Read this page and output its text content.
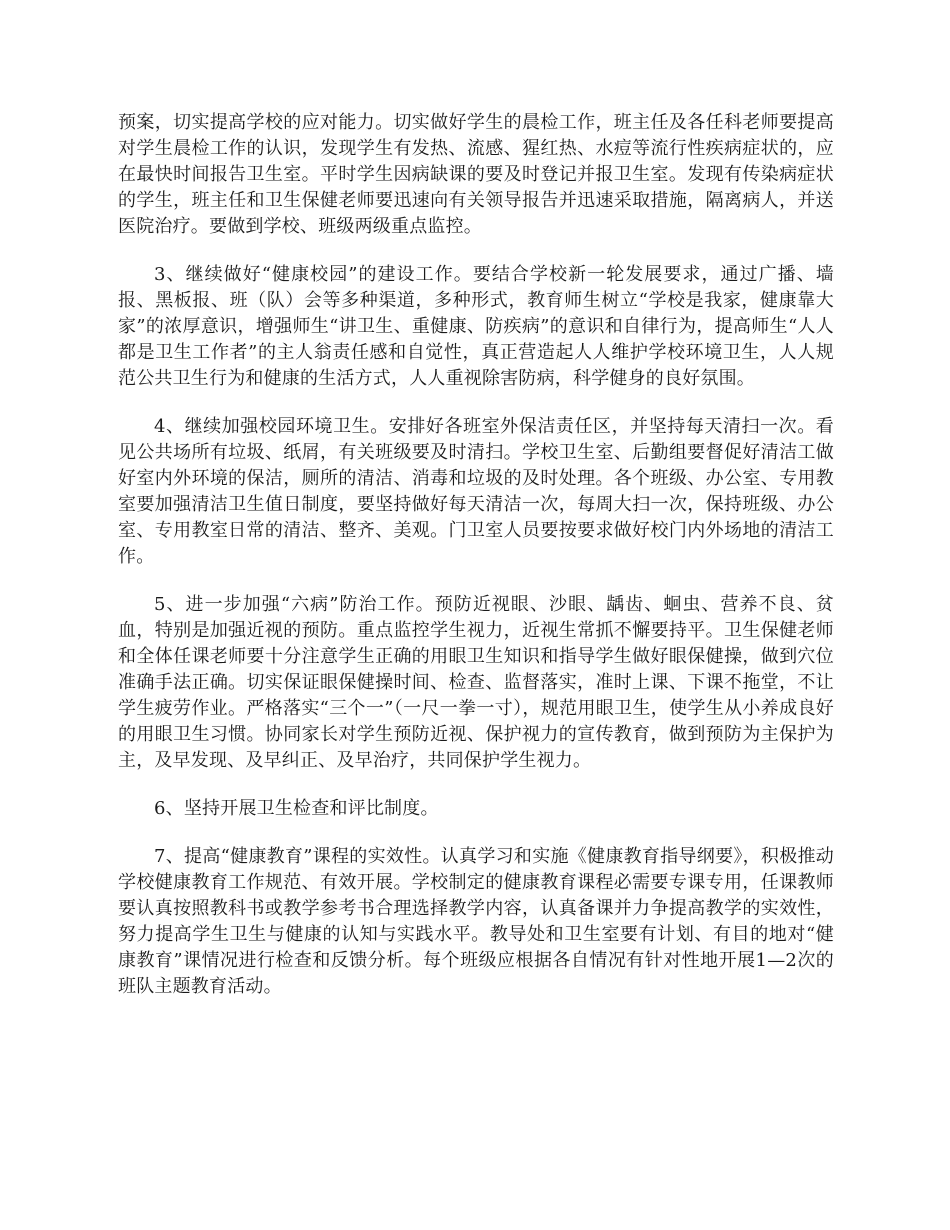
预案，切实提高学校的应对能力。切实做好学生的晨检工作，班主任及各任科老师要提高对学生晨检工作的认识，发现学生有发热、流感、猩红热、水痘等流行性疾病症状的，应在最快时间报告卫生室。平时学生因病缺课的要及时登记并报卫生室。发现有传染病症状的学生，班主任和卫生保健老师要迅速向有关领导报告并迅速采取措施，隔离病人，并送医院治疗。要做到学校、班级两级重点监控。

3、继续做好“健康校园”的建设工作。要结合学校新一轮发展要求，通过广播、墙报、黑板报、班（队）会等多种渠道，多种形式，教育师生树立“学校是我家，健康靠大家”的浓厚意识，增强师生“讲卫生、重健康、防疾病”的意识和自律行为，提高师生“人人都是卫生工作者”的主人翁责任感和自觉性，真正营造起人人维护学校环境卫生，人人规范公共卫生行为和健康的生活方式，人人重视除害防病，科学健身的良好氛围。

4、继续加强校园环境卫生。安排好各班室外保洁责任区，并坚持每天清扫一次。看见公共场所有垃圾、纸屑，有关班级要及时清扫。学校卫生室、后勤组要督促好清洁工做好室内外环境的保洁，厕所的清洁、消毒和垃圾的及时处理。各个班级、办公室、专用教室要加强清洁卫生值日制度，要坚持做好每天清洁一次，每周大扫一次，保持班级、办公室、专用教室日常的清洁、整齐、美观。门卫室人员要按要求做好校门内外场地的清洁工作。

5、进一步加强“六病”防治工作。预防近视眼、沙眼、龋齿、蛔虫、营养不良、贫血，特别是加强近视的预防。重点监控学生视力，近视生常抓不懈要持平。卫生保健老师和全体任课老师要十分注意学生正确的用眼卫生知识和指导学生做好眼保健操，做到穴位准确手法正确。切实保证眼保健操时间、检查、监督落实，准时上课、下课不拖堂，不让学生疲劳作业。严格落实“三个一”（一尺一拳一寸），规范用眼卫生，使学生从小养成良好的用眼卫生习惯。协同家长对学生预防近视、保护视力的宣传教育，做到预防为主保护为主，及早发现、及早纠正、及早治疗，共同保护学生视力。

6、坚持开展卫生检查和评比制度。

7、提高“健康教育”课程的实效性。认真学习和实施《健康教育指导纲要》，积极推动学校健康教育工作规范、有效开展。学校制定的健康教育课程必需要专课专用，任课教师要认真按照教科书或教学参考书合理选择教学内容，认真备课并力争提高教学的实效性，努力提高学生卫生与健康的认知与实践水平。教导处和卫生室要有计划、有目的地对“健康教育”课情况进行检查和反馈分析。每个班级应根据各自情况有针对性地开展1—2次的班队主题教育活动。
